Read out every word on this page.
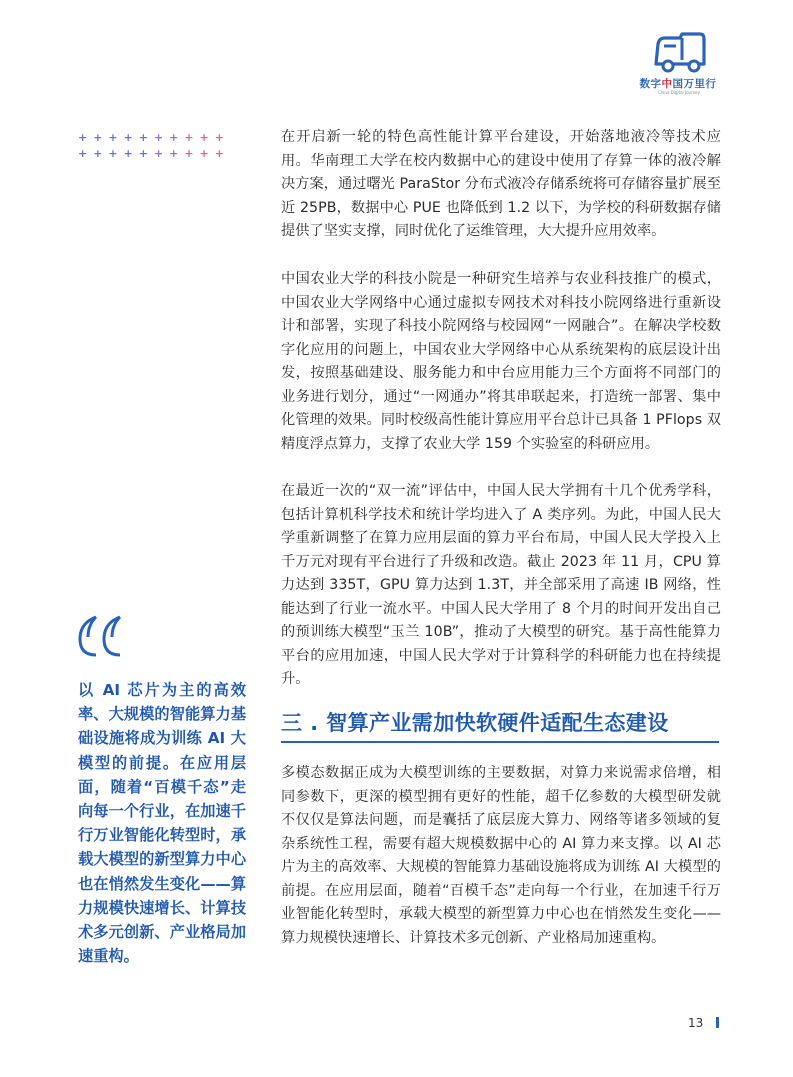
数字中国万里行
China Digital Journey
+ + + + + + + + + +
+ + + + + + + + + +

在开启新一轮的特色高性能计算平台建设，开始落地液冷等技术应用。华南理工大学在校内数据中心的建设中使用了存算一体的液冷解决方案，通过曙光 ParaStor 分布式液冷存储系统将可存储容量扩展至近 25PB，数据中心 PUE 也降低到 1.2 以下，为学校的科研数据存储提供了坚实支撑，同时优化了运维管理，大大提升应用效率。

中国农业大学的科技小院是一种研究生培养与农业科技推广的模式，中国农业大学网络中心通过虚拟专网技术对科技小院网络进行重新设计和部署，实现了科技小院网络与校园网“一网融合”。在解决学校数字化应用的问题上，中国农业大学网络中心从系统架构的底层设计出发，按照基础建设、服务能力和中台应用能力三个方面将不同部门的业务进行划分，通过“一网通办”将其串联起来，打造统一部署、集中化管理的效果。同时校级高性能计算应用平台总计已具备 1 PFlops 双精度浮点算力，支撑了农业大学 159 个实验室的科研应用。

在最近一次的“双一流”评估中，中国人民大学拥有十几个优秀学科，包括计算机科学技术和统计学均进入了 A 类序列。为此，中国人民大学重新调整了在算力应用层面的算力平台布局，中国人民大学投入上千万元对现有平台进行了升级和改造。截止 2023 年 11 月，CPU 算力达到 335T，GPU 算力达到 1.3T，并全部采用了高速 IB 网络，性能达到了行业一流水平。中国人民大学用了 8 个月的时间开发出自己的预训练大模型“玉兰 10B”，推动了大模型的研究。基于高性能算力平台的应用加速，中国人民大学对于计算科学的科研能力也在持续提升。

多模态数据正成为大模型训练的主要数据，对算力来说需求倍增，相同参数下，更深的模型拥有更好的性能，超千亿参数的大模型研发就不仅仅是算法问题，而是囊括了底层庞大算力、网络等诸多领域的复杂系统性工程，需要有超大规模数据中心的 AI 算力来支撑。以 AI 芯片为主的高效率、大规模的智能算力基础设施将成为训练 AI 大模型的前提。在应用层面，随着“百模千态”走向每一个行业，在加速千行万业智能化转型时，承载大模型的新型算力中心也在悄然发生变化——算力规模快速增长、计算技术多元创新、产业格局加速重构。

三 . 智算产业需加快软硬件适配生态建设
以 AI 芯片为主的高效率、大规模的智能算力基础设施将成为训练 AI 大模型的前提。在应用层面，随着“百模千态”走向每一个行业，在加速千行万业智能化转型时，承载大模型的新型算力中心也在悄然发生变化——算力规模快速增长、计算技术多元创新、产业格局加速重构。
13
